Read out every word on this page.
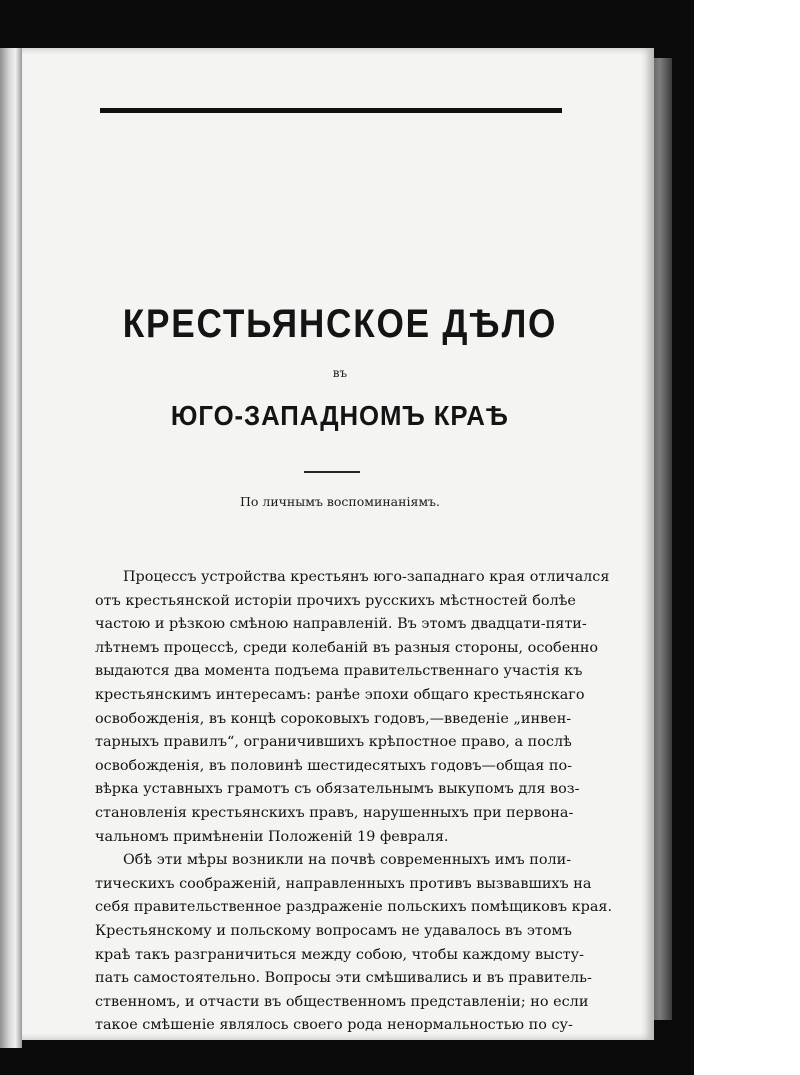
КРЕСТЬЯНСКОЕ ДѢЛО
въ
ЮГО-ЗАПАДНОМЪ КРАѢ
По личнымъ воспоминаніямъ.
Процессъ устройства крестьянъ юго-западнаго края отличался
отъ крестьянской исторіи прочихъ русскихъ мѣстностей болѣе
частою и рѣзкою смѣною направленій. Въ этомъ двадцати-пяти-
лѣтнемъ процессѣ, среди колебаній въ разныя стороны, особенно
выдаются два момента подъема правительственнаго участія къ
крестьянскимъ интересамъ: ранѣе эпохи общаго крестьянскаго
освобожденія, въ концѣ сороковыхъ годовъ,—введеніе „инвен-
тарныхъ правилъ“, ограничившихъ крѣпостное право, а послѣ
освобожденія, въ половинѣ шестидесятыхъ годовъ—общая по-
вѣрка уставныхъ грамотъ съ обязательнымъ выкупомъ для воз-
становленія крестьянскихъ правъ, нарушенныхъ при первона-
чальномъ примѣненіи Положеній 19 февраля.
Обѣ эти мѣры возникли на почвѣ современныхъ имъ поли-
тическихъ соображеній, направленныхъ противъ вызвавшихъ на
себя правительственное раздраженіе польскихъ помѣщиковъ края.
Крестьянскому и польскому вопросамъ не удавалось въ этомъ
краѣ такъ разграничиться между собою, чтобы каждому высту-
пать самостоятельно. Вопросы эти смѣшивались и въ правитель-
ственномъ, и отчасти въ общественномъ представленіи; но если
такое смѣшеніе являлось своего рода ненормальностью по су-
